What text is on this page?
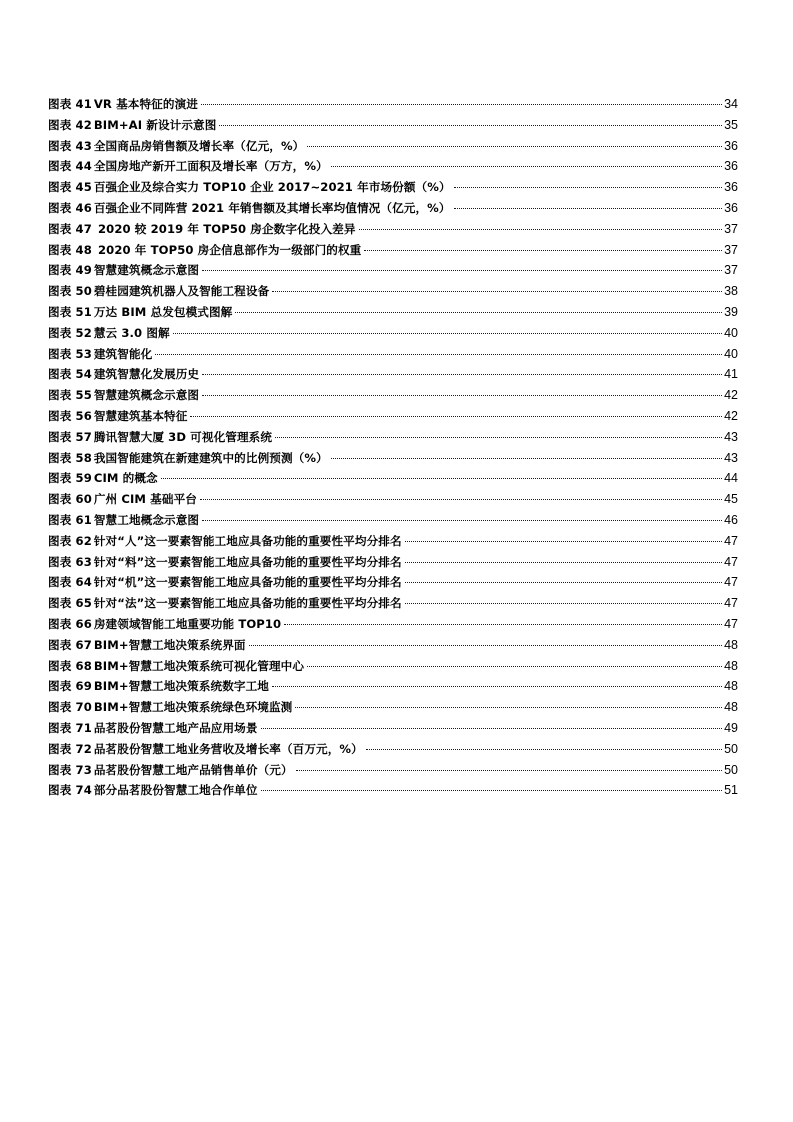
图表 41 VR 基本特征的演进	34
图表 42 BIM+AI 新设计示意图	35
图表 43 全国商品房销售额及增长率（亿元，%）	36
图表 44 全国房地产新开工面积及增长率（万方，%）	36
图表 45 百强企业及综合实力 TOP10 企业 2017~2021 年市场份额（%）	36
图表 46 百强企业不同阵营 2021 年销售额及其增长率均值情况（亿元，%）	36
图表 47 2020 较 2019 年 TOP50 房企数字化投入差异	37
图表 48 2020 年 TOP50 房企信息部作为一级部门的权重	37
图表 49 智慧建筑概念示意图	37
图表 50 碧桂园建筑机器人及智能工程设备	38
图表 51 万达 BIM 总发包模式图解	39
图表 52 慧云 3.0 图解	40
图表 53 建筑智能化	40
图表 54 建筑智慧化发展历史	41
图表 55 智慧建筑概念示意图	42
图表 56 智慧建筑基本特征	42
图表 57 腾讯智慧大厦 3D 可视化管理系统	43
图表 58 我国智能建筑在新建建筑中的比例预测（%）	43
图表 59 CIM 的概念	44
图表 60 广州 CIM 基础平台	45
图表 61 智慧工地概念示意图	46
图表 62 针对“人”这一要素智能工地应具备功能的重要性平均分排名	47
图表 63 针对“料”这一要素智能工地应具备功能的重要性平均分排名	47
图表 64 针对“机”这一要素智能工地应具备功能的重要性平均分排名	47
图表 65 针对“法”这一要素智能工地应具备功能的重要性平均分排名	47
图表 66 房建领域智能工地重要功能 TOP10	47
图表 67 BIM+智慧工地决策系统界面	48
图表 68 BIM+智慧工地决策系统可视化管理中心	48
图表 69 BIM+智慧工地决策系统数字工地	48
图表 70 BIM+智慧工地决策系统绿色环境监测	48
图表 71 品茗股份智慧工地产品应用场景	49
图表 72 品茗股份智慧工地业务营收及增长率（百万元，%）	50
图表 73 品茗股份智慧工地产品销售单价（元）	50
图表 74 部分品茗股份智慧工地合作单位	51
